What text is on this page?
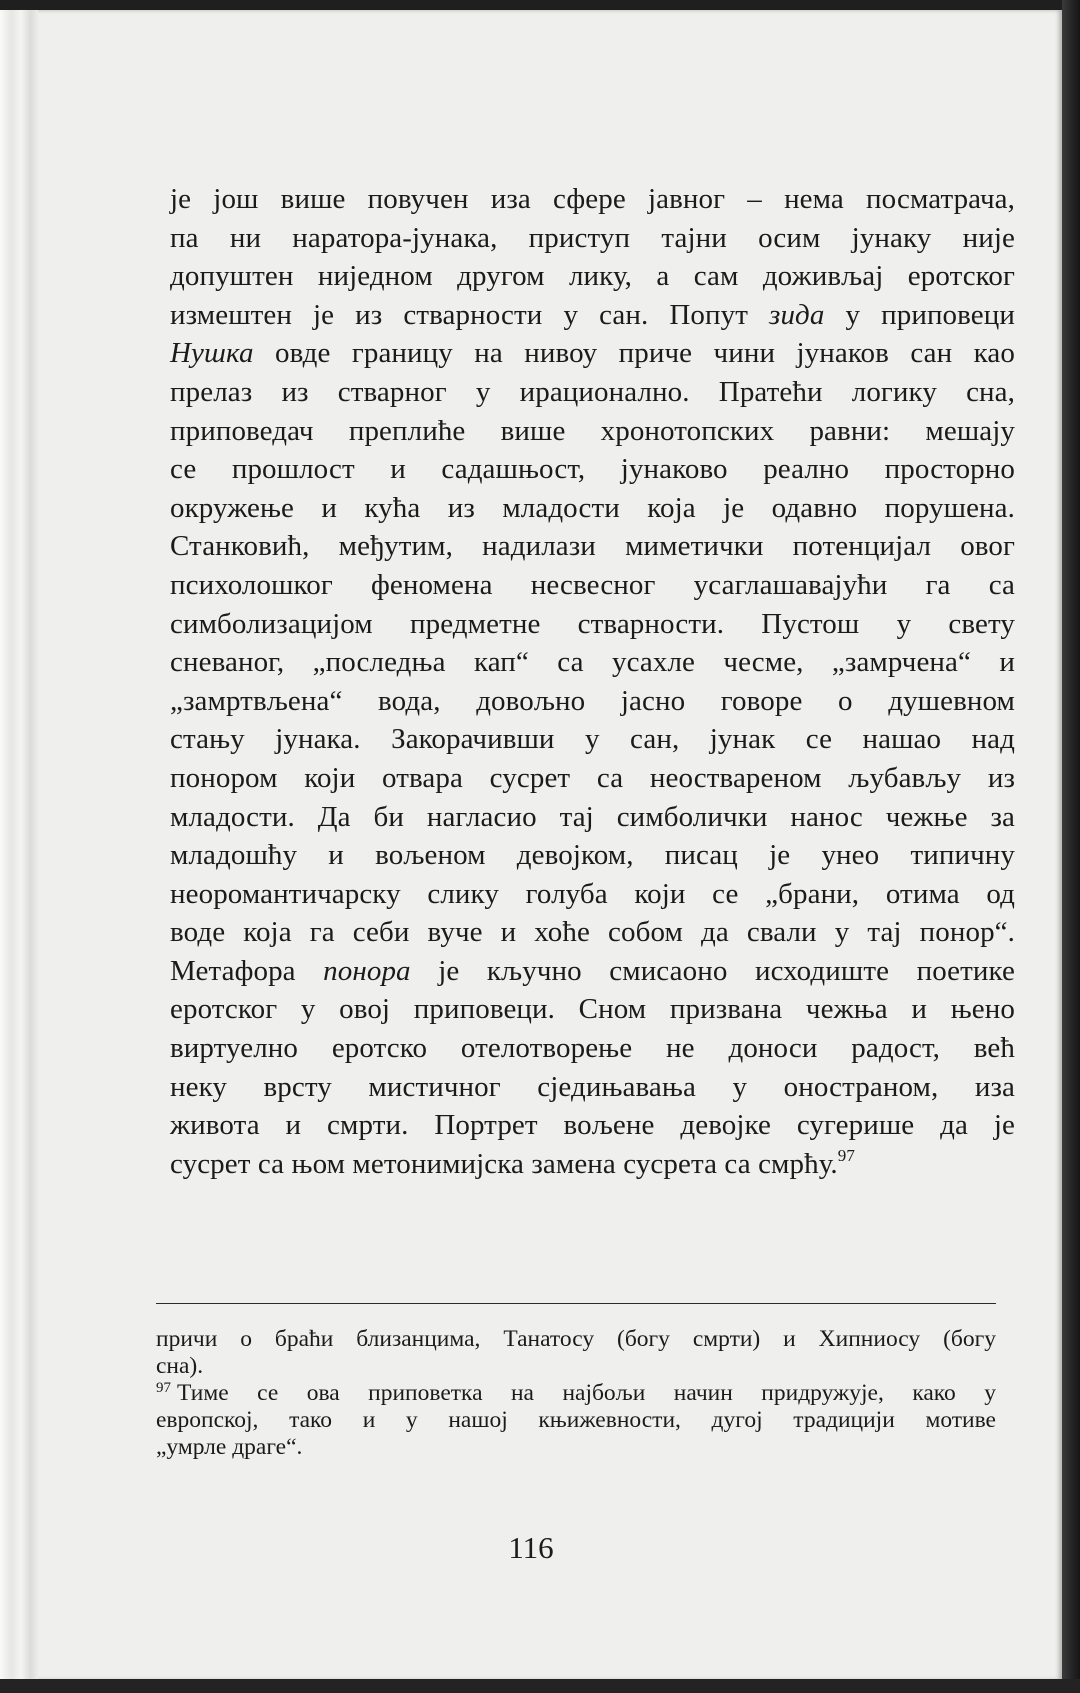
је још више повучен иза сфере јавног – нема посматрача,
па ни наратора-јунака, приступ тајни осим јунаку није
допуштен ниједном другом лику, а сам доживљај еротског
измештен је из стварности у сан. Попут зида у приповеци
Нушка овде границу на нивоу приче чини јунаков сан као
прелаз из стварног у ирационално. Пратећи логику сна,
приповедач преплиће више хронотопских равни: мешају
се прошлост и садашњост, јунаково реално просторно
окружење и кућа из младости која је одавно порушена.
Станковић, међутим, надилази миметички потенцијал овог
психолошког феномена несвесног усаглашавајући га са
симболизацијом предметне стварности. Пустош у свету
сневаног, „последња кап“ са усахле чесме, „замрчена“ и
„замртвљена“ вода, довољно јасно говоре о душевном
стању јунака. Закорачивши у сан, јунак се нашао над
понором који отвара сусрет са неоствареном љубављу из
младости. Да би нагласио тај симболички нанос чежње за
младошћу и вољеном девојком, писац је унео типичну
неоромантичарску слику голуба који се „брани, отима од
воде која га себи вуче и хоће собом да свали у тај понор“.
Метафора понора је кључно смисаоно исходиште поетике
еротског у овој приповеци. Сном призвана чежња и њено
виртуелно еротско отелотворење не доноси радост, већ
неку врсту мистичног сједињавања у оностраном, иза
живота и смрти. Портрет вољене девојке сугерише да је
сусрет са њом метонимијска замена сусрета са смрћу.$^{97}$
причи о браћи близанцима, Танатосу (богу смрти) и Хипниосу (богу
сна).
$^{97}$ Тиме се ова приповетка на најбољи начин придружује, како у
европској, тако и у нашој књижевности, дугој традицији мотиве
„умрле драге“.
116
